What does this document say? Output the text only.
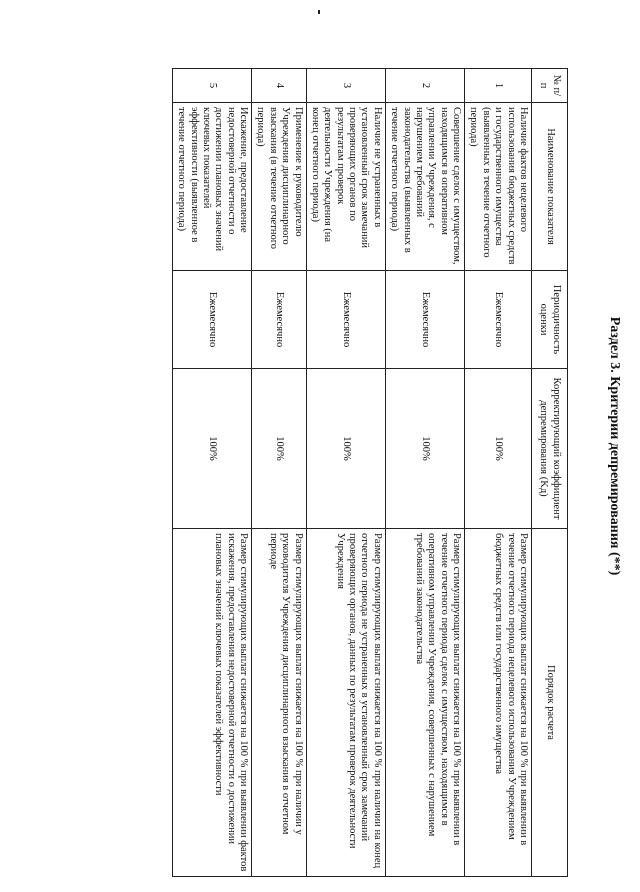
Раздел 3. Критерии депремирования (**)
№ п/п	Наименование показателя	Периодичность оценки	Корректирующий коэффициент депремирования (Kд)	Порядок расчета
1	Наличие фактов нецелевого использования бюджетных средств и государственного имущества (выявленных в течение отчетного периода)	Ежемесячно	100%	Размер стимулирующих выплат снижается на 100 % при выявлении в течение отчетного периода нецелевого использования Учреждением бюджетных средств или государственного имущества
2	Совершение сделок с имуществом, находящимся в оперативном управлении Учреждения, с нарушением требований законодательства (выявленных в течение отчетного периода)	Ежемесячно	100%	Размер стимулирующих выплат снижается на 100 % при выявлении в течение отчетного периода сделок с имуществом, находящимся в оперативном управлении Учреждения, совершенных с нарушением требований законодательства
3	Наличие не устраненных в установленный срок замечаний проверяющих органов по результатам проверок деятельности Учреждения (на конец отчетного периода)	Ежемесячно	100%	Размер стимулирующих выплат снижается на 100 % при наличии на конец отчетного периода не устраненных в установленный срок замечаний проверяющих органов, данных по результатам проверок деятельности Учреждения
4	Применение к руководителю Учреждения дисциплинарного взыскания (в течение отчетного периода)	Ежемесячно	100%	Размер стимулирующих выплат снижается на 100 % при наличии у руководителя Учреждения дисциплинарного взыскания в отчетном периоде
5	Искажение, предоставление недостоверной отчетности о достижении плановых значений ключевых показателей эффективности (выявленное в течение отчетного периода)	Ежемесячно	100%	Размер стимулирующих выплат снижается на 100 % при выявлении фактов искажения, предоставления недостоверной отчетности о достижении плановых значений ключевых показателей эффективности
